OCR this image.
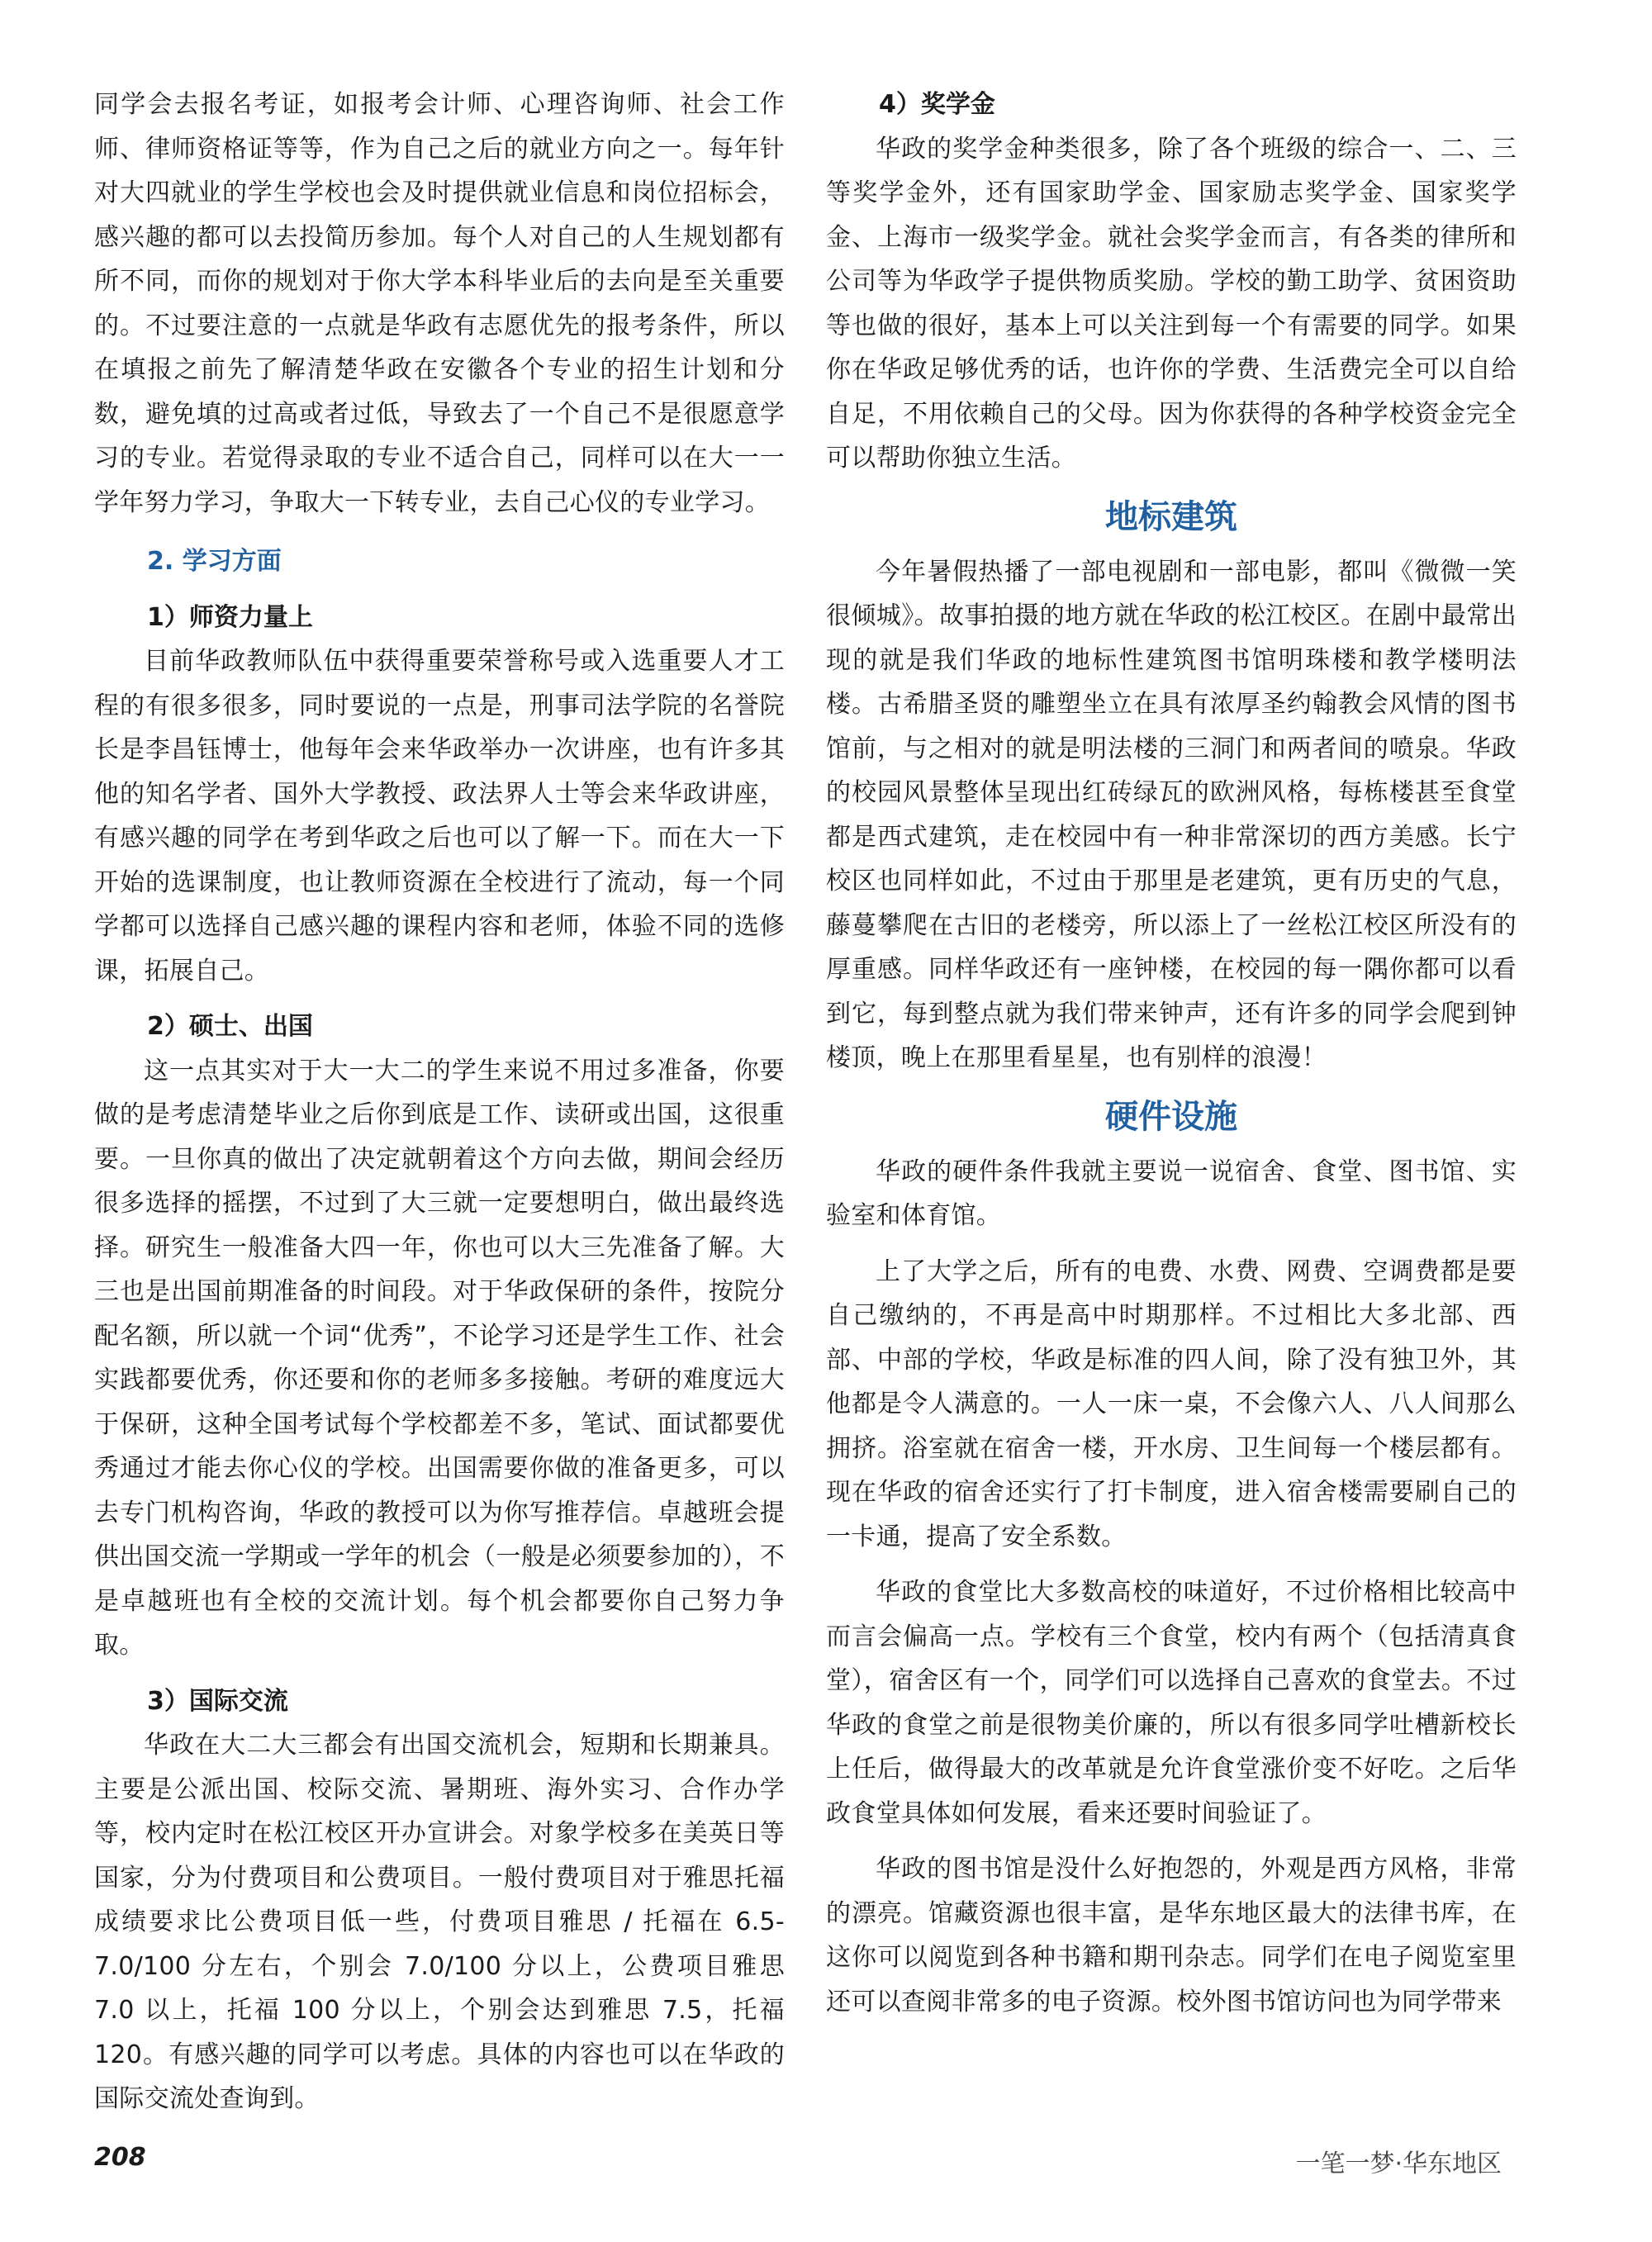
同学会去报名考证，如报考会计师、心理咨询师、社会工作师、律师资格证等等，作为自己之后的就业方向之一。每年针对大四就业的学生学校也会及时提供就业信息和岗位招标会，感兴趣的都可以去投简历参加。每个人对自己的人生规划都有所不同，而你的规划对于你大学本科毕业后的去向是至关重要的。不过要注意的一点就是华政有志愿优先的报考条件，所以在填报之前先了解清楚华政在安徽各个专业的招生计划和分数，避免填的过高或者过低，导致去了一个自己不是很愿意学习的专业。若觉得录取的专业不适合自己，同样可以在大一一学年努力学习，争取大一下转专业，去自己心仪的专业学习。

2. 学习方面
1）师资力量上

目前华政教师队伍中获得重要荣誉称号或入选重要人才工程的有很多很多，同时要说的一点是，刑事司法学院的名誉院长是李昌钰博士，他每年会来华政举办一次讲座，也有许多其他的知名学者、国外大学教授、政法界人士等会来华政讲座，有感兴趣的同学在考到华政之后也可以了解一下。而在大一下开始的选课制度，也让教师资源在全校进行了流动，每一个同学都可以选择自己感兴趣的课程内容和老师，体验不同的选修课，拓展自己。

2）硕士、出国

这一点其实对于大一大二的学生来说不用过多准备，你要做的是考虑清楚毕业之后你到底是工作、读研或出国，这很重要。一旦你真的做出了决定就朝着这个方向去做，期间会经历很多选择的摇摆，不过到了大三就一定要想明白，做出最终选择。研究生一般准备大四一年，你也可以大三先准备了解。大三也是出国前期准备的时间段。对于华政保研的条件，按院分配名额，所以就一个词“优秀”，不论学习还是学生工作、社会实践都要优秀，你还要和你的老师多多接触。考研的难度远大于保研，这种全国考试每个学校都差不多，笔试、面试都要优秀通过才能去你心仪的学校。出国需要你做的准备更多，可以去专门机构咨询，华政的教授可以为你写推荐信。卓越班会提供出国交流一学期或一学年的机会（一般是必须要参加的），不是卓越班也有全校的交流计划。每个机会都要你自己努力争取。

3）国际交流

华政在大二大三都会有出国交流机会，短期和长期兼具。主要是公派出国、校际交流、暑期班、海外实习、合作办学等，校内定时在松江校区开办宣讲会。对象学校多在美英日等国家，分为付费项目和公费项目。一般付费项目对于雅思托福成绩要求比公费项目低一些，付费项目雅思 / 托福在 6.5-7.0/100 分左右，个别会 7.0/100 分以上，公费项目雅思 7.0 以上，托福 100 分以上，个别会达到雅思 7.5，托福 120。有感兴趣的同学可以考虑。具体的内容也可以在华政的国际交流处查询到。

4）奖学金

华政的奖学金种类很多，除了各个班级的综合一、二、三等奖学金外，还有国家助学金、国家励志奖学金、国家奖学金、上海市一级奖学金。就社会奖学金而言，有各类的律所和公司等为华政学子提供物质奖励。学校的勤工助学、贫困资助等也做的很好，基本上可以关注到每一个有需要的同学。如果你在华政足够优秀的话，也许你的学费、生活费完全可以自给自足，不用依赖自己的父母。因为你获得的各种学校资金完全可以帮助你独立生活。

地标建筑

今年暑假热播了一部电视剧和一部电影，都叫《微微一笑很倾城》。故事拍摄的地方就在华政的松江校区。在剧中最常出现的就是我们华政的地标性建筑图书馆明珠楼和教学楼明法楼。古希腊圣贤的雕塑坐立在具有浓厚圣约翰教会风情的图书馆前，与之相对的就是明法楼的三洞门和两者间的喷泉。华政的校园风景整体呈现出红砖绿瓦的欧洲风格，每栋楼甚至食堂都是西式建筑，走在校园中有一种非常深切的西方美感。长宁校区也同样如此，不过由于那里是老建筑，更有历史的气息，藤蔓攀爬在古旧的老楼旁，所以添上了一丝松江校区所没有的厚重感。同样华政还有一座钟楼，在校园的每一隅你都可以看到它，每到整点就为我们带来钟声，还有许多的同学会爬到钟楼顶，晚上在那里看星星，也有别样的浪漫！

硬件设施

华政的硬件条件我就主要说一说宿舍、食堂、图书馆、实验室和体育馆。

上了大学之后，所有的电费、水费、网费、空调费都是要自己缴纳的，不再是高中时期那样。不过相比大多北部、西部、中部的学校，华政是标准的四人间，除了没有独卫外，其他都是令人满意的。一人一床一桌，不会像六人、八人间那么拥挤。浴室就在宿舍一楼，开水房、卫生间每一个楼层都有。现在华政的宿舍还实行了打卡制度，进入宿舍楼需要刷自己的一卡通，提高了安全系数。

华政的食堂比大多数高校的味道好，不过价格相比较高中而言会偏高一点。学校有三个食堂，校内有两个（包括清真食堂），宿舍区有一个，同学们可以选择自己喜欢的食堂去。不过华政的食堂之前是很物美价廉的，所以有很多同学吐槽新校长上任后，做得最大的改革就是允许食堂涨价变不好吃。之后华政食堂具体如何发展，看来还要时间验证了。

华政的图书馆是没什么好抱怨的，外观是西方风格，非常的漂亮。馆藏资源也很丰富，是华东地区最大的法律书库，在这你可以阅览到各种书籍和期刊杂志。同学们在电子阅览室里还可以查阅非常多的电子资源。校外图书馆访问也为同学带来

208	一笔一梦·华东地区
